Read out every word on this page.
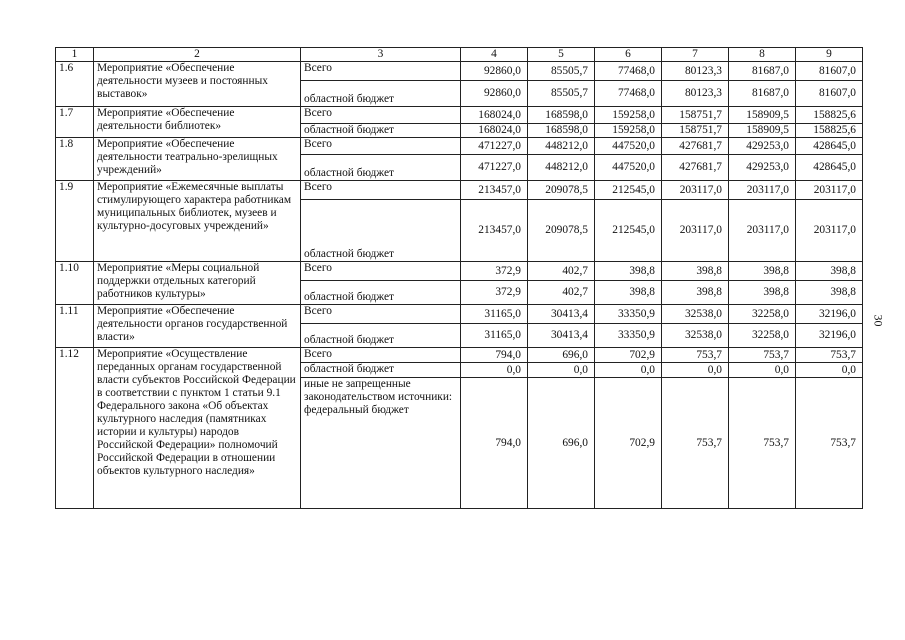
1	2	3	4	5	6	7	8	9
1.6	Мероприятие «Обеспечение деятельности музеев и постоянных выставок»	Всего	92860,0	85505,7	77468,0	80123,3	81687,0	81607,0
		областной бюджет	92860,0	85505,7	77468,0	80123,3	81687,0	81607,0
1.7	Мероприятие «Обеспечение деятельности библиотек»	Всего	168024,0	168598,0	159258,0	158751,7	158909,5	158825,6
		областной бюджет	168024,0	168598,0	159258,0	158751,7	158909,5	158825,6
1.8	Мероприятие «Обеспечение деятельности театрально-зрелищных учреждений»	Всего	471227,0	448212,0	447520,0	427681,7	429253,0	428645,0
		областной бюджет	471227,0	448212,0	447520,0	427681,7	429253,0	428645,0
1.9	Мероприятие «Ежемесячные выплаты стимулирующего характера работникам муниципальных библиотек, музеев и культурно-досуговых учреждений»	Всего	213457,0	209078,5	212545,0	203117,0	203117,0	203117,0
		областной бюджет	213457,0	209078,5	212545,0	203117,0	203117,0	203117,0
1.10	Мероприятие «Меры социальной поддержки отдельных категорий работников культуры»	Всего	372,9	402,7	398,8	398,8	398,8	398,8
		областной бюджет	372,9	402,7	398,8	398,8	398,8	398,8
1.11	Мероприятие «Обеспечение деятельности органов государственной власти»	Всего	31165,0	30413,4	33350,9	32538,0	32258,0	32196,0
		областной бюджет	31165,0	30413,4	33350,9	32538,0	32258,0	32196,0
1.12	Мероприятие «Осуществление переданных органам государственной власти субъектов Российской Федерации в соответствии с пунктом 1 статьи 9.1 Федерального закона «Об объектах культурного наследия (памятниках истории и культуры) народов Российской Федерации» полномочий Российской Федерации в отношении объектов культурного наследия»	Всего	794,0	696,0	702,9	753,7	753,7	753,7
		областной бюджет	0,0	0,0	0,0	0,0	0,0	0,0
		иные не запрещенные законодательством источники: федеральный бюджет	794,0	696,0	702,9	753,7	753,7	753,7
30
